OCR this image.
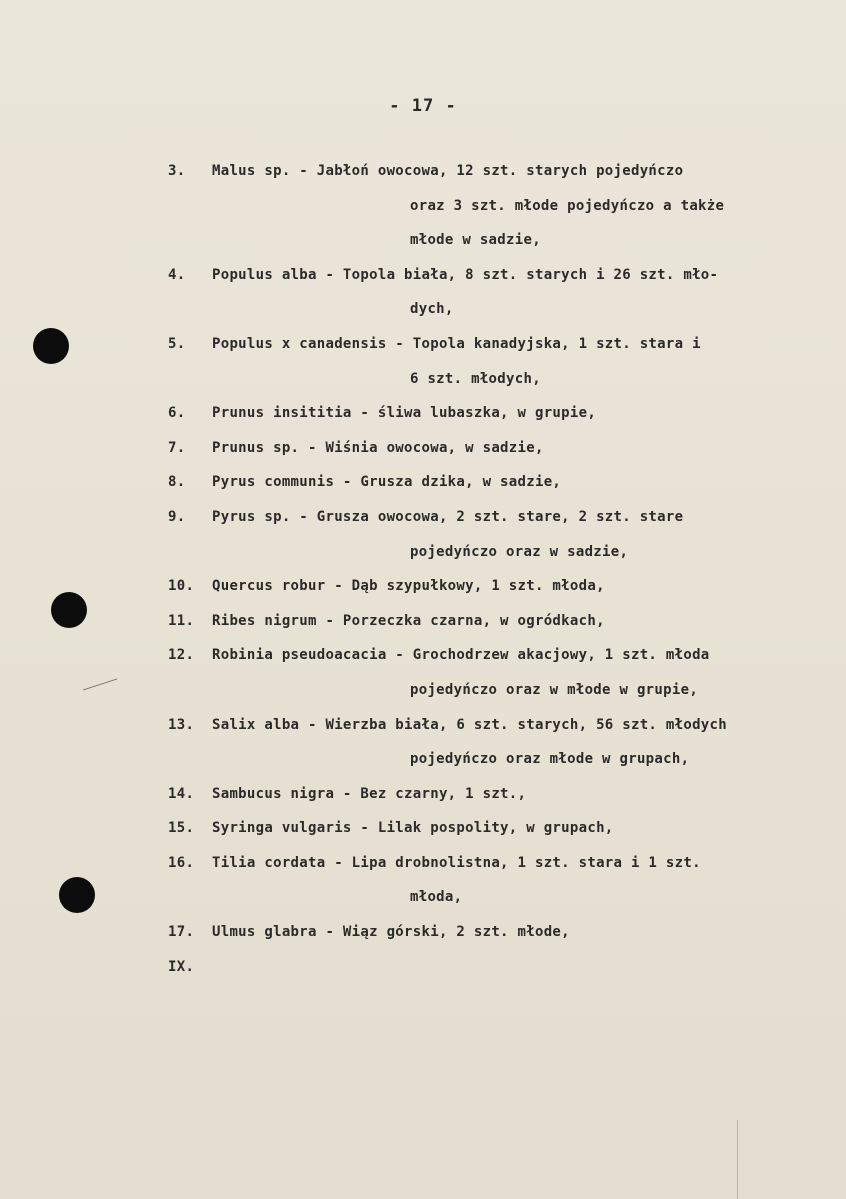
- 17 -
3. Malus sp. - Jabłoń owocowa, 12 szt. starych pojedyńczo
oraz 3 szt. młode pojedyńczo a także
młode w sadzie,
4. Populus alba - Topola biała, 8 szt. starych i 26 szt. mło-
dych,
5. Populus x canadensis - Topola kanadyjska, 1 szt. stara i
6 szt. młodych,
6. Prunus insititia - śliwa lubaszka, w grupie,
7. Prunus sp. - Wiśnia owocowa, w sadzie,
8. Pyrus communis - Grusza dzika, w sadzie,
9. Pyrus sp. - Grusza owocowa, 2 szt. stare, 2 szt. stare
pojedyńczo oraz w sadzie,
10. Quercus robur - Dąb szypułkowy, 1 szt. młoda,
11. Ribes nigrum - Porzeczka czarna, w ogródkach,
12. Robinia pseudoacacia - Grochodrzew akacjowy, 1 szt. młoda
pojedyńczo oraz w młode w grupie,
13. Salix alba - Wierzba biała, 6 szt. starych, 56 szt. młodych
pojedyńczo oraz młode w grupach,
14. Sambucus nigra - Bez czarny, 1 szt.,
15. Syringa vulgaris - Lilak pospolity, w grupach,
16. Tilia cordata - Lipa drobnolistna, 1 szt. stara i 1 szt.
młoda,
17. Ulmus glabra - Wiąz górski, 2 szt. młode,
IX.
